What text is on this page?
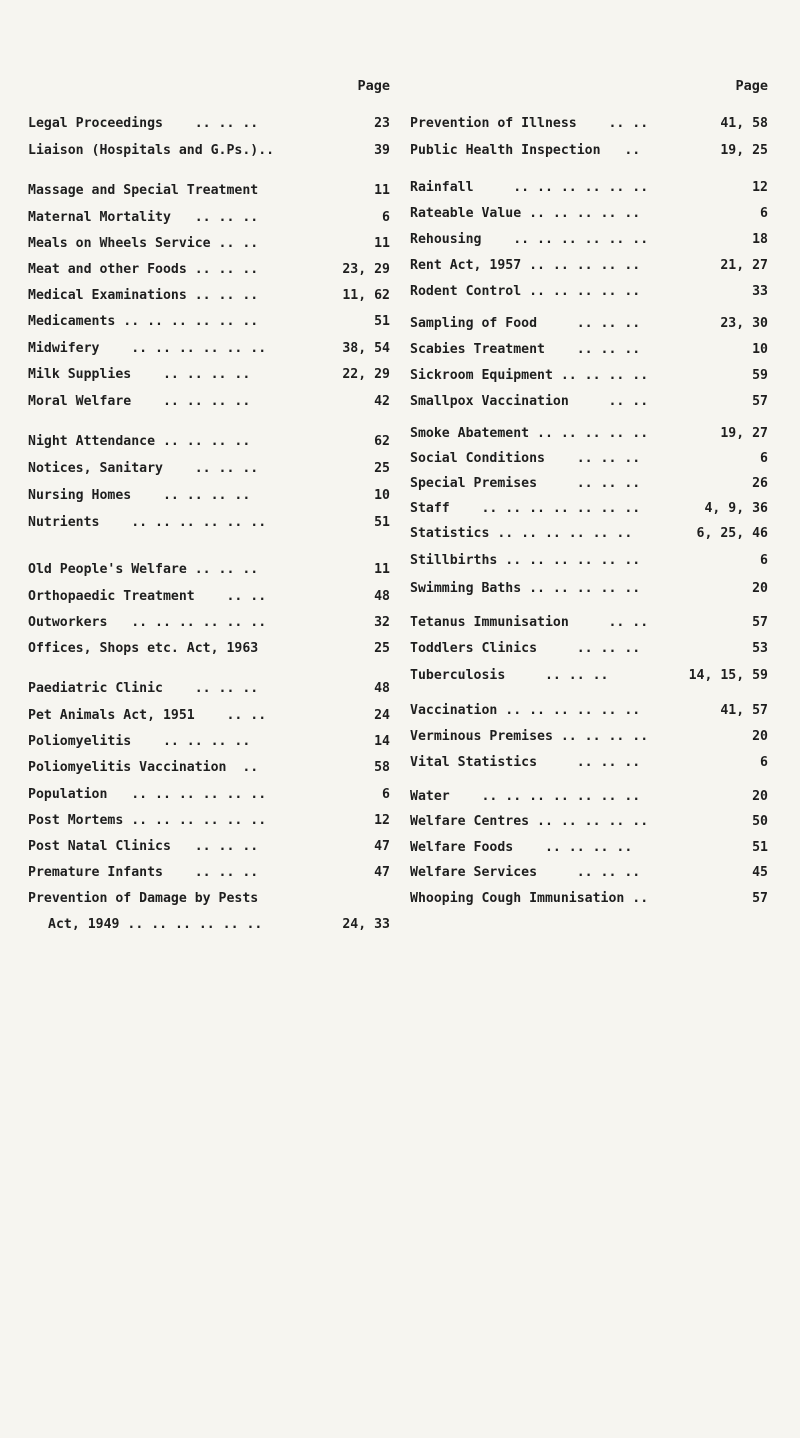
Page
Legal Proceedings    .. .. ..	23
Liaison (Hospitals and G.Ps.)..	39
Massage and Special Treatment	11
Maternal Mortality   .. .. ..	6
Meals on Wheels Service .. ..	11
Meat and other Foods .. .. ..	23, 29
Medical Examinations .. .. ..	11, 62
Medicaments .. .. .. .. .. ..	51
Midwifery    .. .. .. .. .. ..	38, 54
Milk Supplies    .. .. .. ..	22, 29
Moral Welfare    .. .. .. ..	42
Night Attendance .. .. .. ..	62
Notices, Sanitary    .. .. ..	25
Nursing Homes    .. .. .. ..	10
Nutrients    .. .. .. .. .. ..	51
Old People's Welfare .. .. ..	11
Orthopaedic Treatment    .. ..	48
Outworkers   .. .. .. .. .. ..	32
Offices, Shops etc. Act, 1963	25
Paediatric Clinic    .. .. ..	48
Pet Animals Act, 1951    .. ..	24
Poliomyelitis    .. .. .. ..	14
Poliomyelitis Vaccination  ..	58
Population   .. .. .. .. .. ..	6
Post Mortems .. .. .. .. .. ..	12
Post Natal Clinics   .. .. ..	47
Premature Infants    .. .. ..	47
Prevention of Damage by Pests
Act, 1949 .. .. .. .. .. ..	24, 33
Page
Prevention of Illness    .. ..	41, 58
Public Health Inspection   ..	19, 25
Rainfall     .. .. .. .. .. ..	12
Rateable Value .. .. .. .. ..	6
Rehousing    .. .. .. .. .. ..	18
Rent Act, 1957 .. .. .. .. ..	21, 27
Rodent Control .. .. .. .. ..	33
Sampling of Food     .. .. ..	23, 30
Scabies Treatment    .. .. ..	10
Sickroom Equipment .. .. .. ..	59
Smallpox Vaccination     .. ..	57
Smoke Abatement .. .. .. .. ..	19, 27
Social Conditions    .. .. ..	6
Special Premises     .. .. ..	26
Staff    .. .. .. .. .. .. ..	4, 9, 36
Statistics .. .. .. .. .. ..	6, 25, 46
Stillbirths .. .. .. .. .. ..	6
Swimming Baths .. .. .. .. ..	20
Tetanus Immunisation     .. ..	57
Toddlers Clinics     .. .. ..	53
Tuberculosis     .. .. ..	14, 15, 59
Vaccination .. .. .. .. .. ..	41, 57
Verminous Premises .. .. .. ..	20
Vital Statistics     .. .. ..	6
Water    .. .. .. .. .. .. ..	20
Welfare Centres .. .. .. .. ..	50
Welfare Foods    .. .. .. ..	51
Welfare Services     .. .. ..	45
Whooping Cough Immunisation ..	57
